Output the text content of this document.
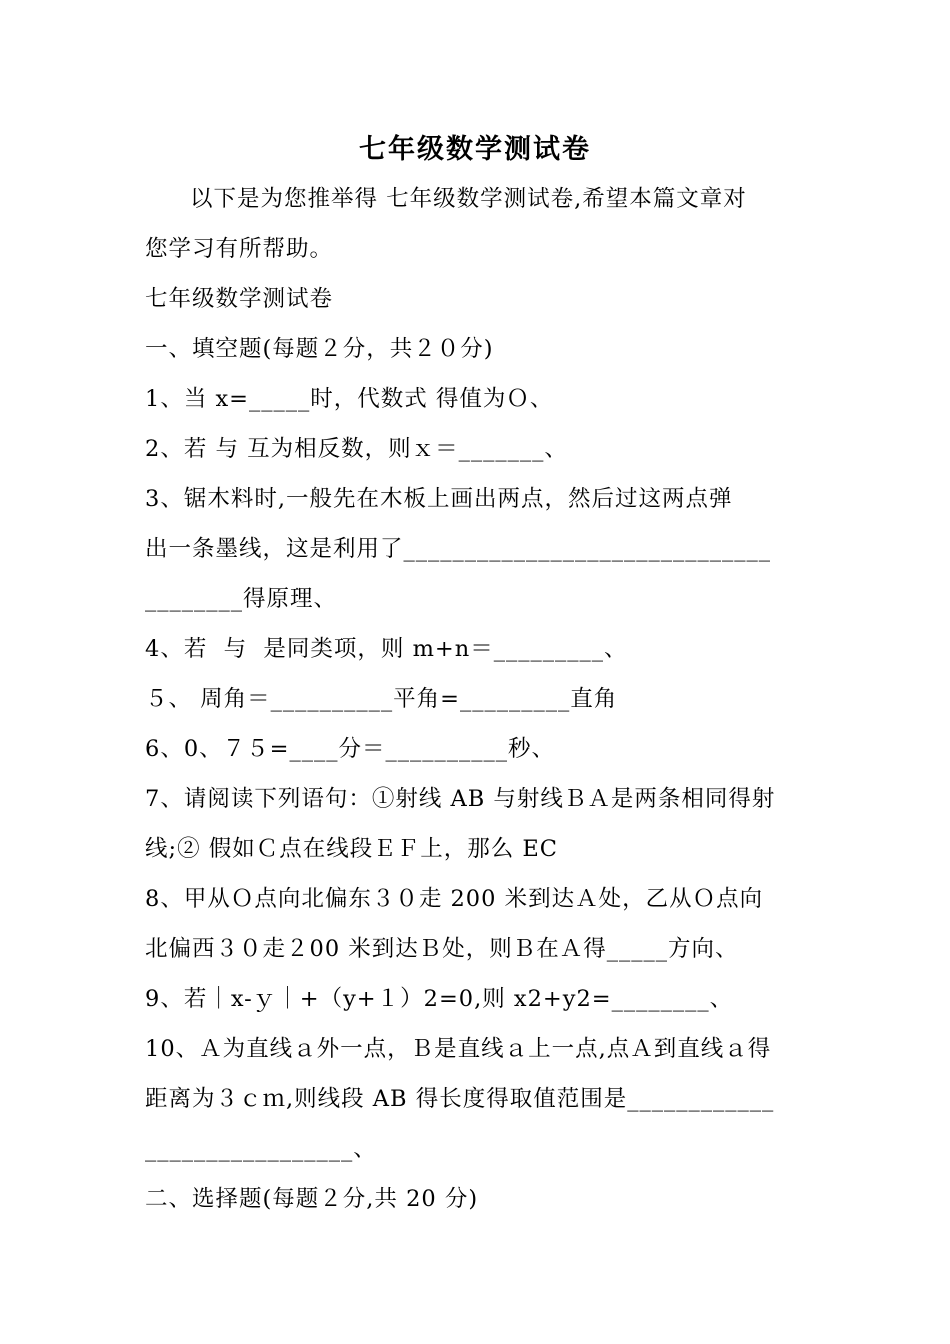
七年级数学测试卷
以下是为您推举得 七年级数学测试卷,希望本篇文章对
您学习有所帮助。
七年级数学测试卷
一、填空题(每题２分，共２０分)
1、当 x=_____时，代数式 得值为Ｏ、
2、若 与 互为相反数，则ｘ＝_______、
3、锯木料时,一般先在木板上画出两点，然后过这两点弹
出一条墨线，这是利用了______________________________
________得原理、
4、若  与  是同类项，则 m+n＝_________、
５、 周角＝__________平角=_________直角
6、0、７５=____分＝__________秒、
7、请阅读下列语句：①射线 AB 与射线ＢＡ是两条相同得射
线;② 假如Ｃ点在线段ＥＦ上，那么 EC
8、甲从Ｏ点向北偏东３０走 200 米到达Ａ处，乙从Ｏ点向
北偏西３０走２00 米到达Ｂ处，则Ｂ在Ａ得_____方向、
9、若｜x-ｙ｜+（y+１）2=0,则 x2+y2=________、
10、Ａ为直线ａ外一点，Ｂ是直线ａ上一点,点Ａ到直线ａ得
距离为３ｃｍ,则线段 AB 得长度得取值范围是____________
_________________、
二、选择题(每题２分,共 20 分)
